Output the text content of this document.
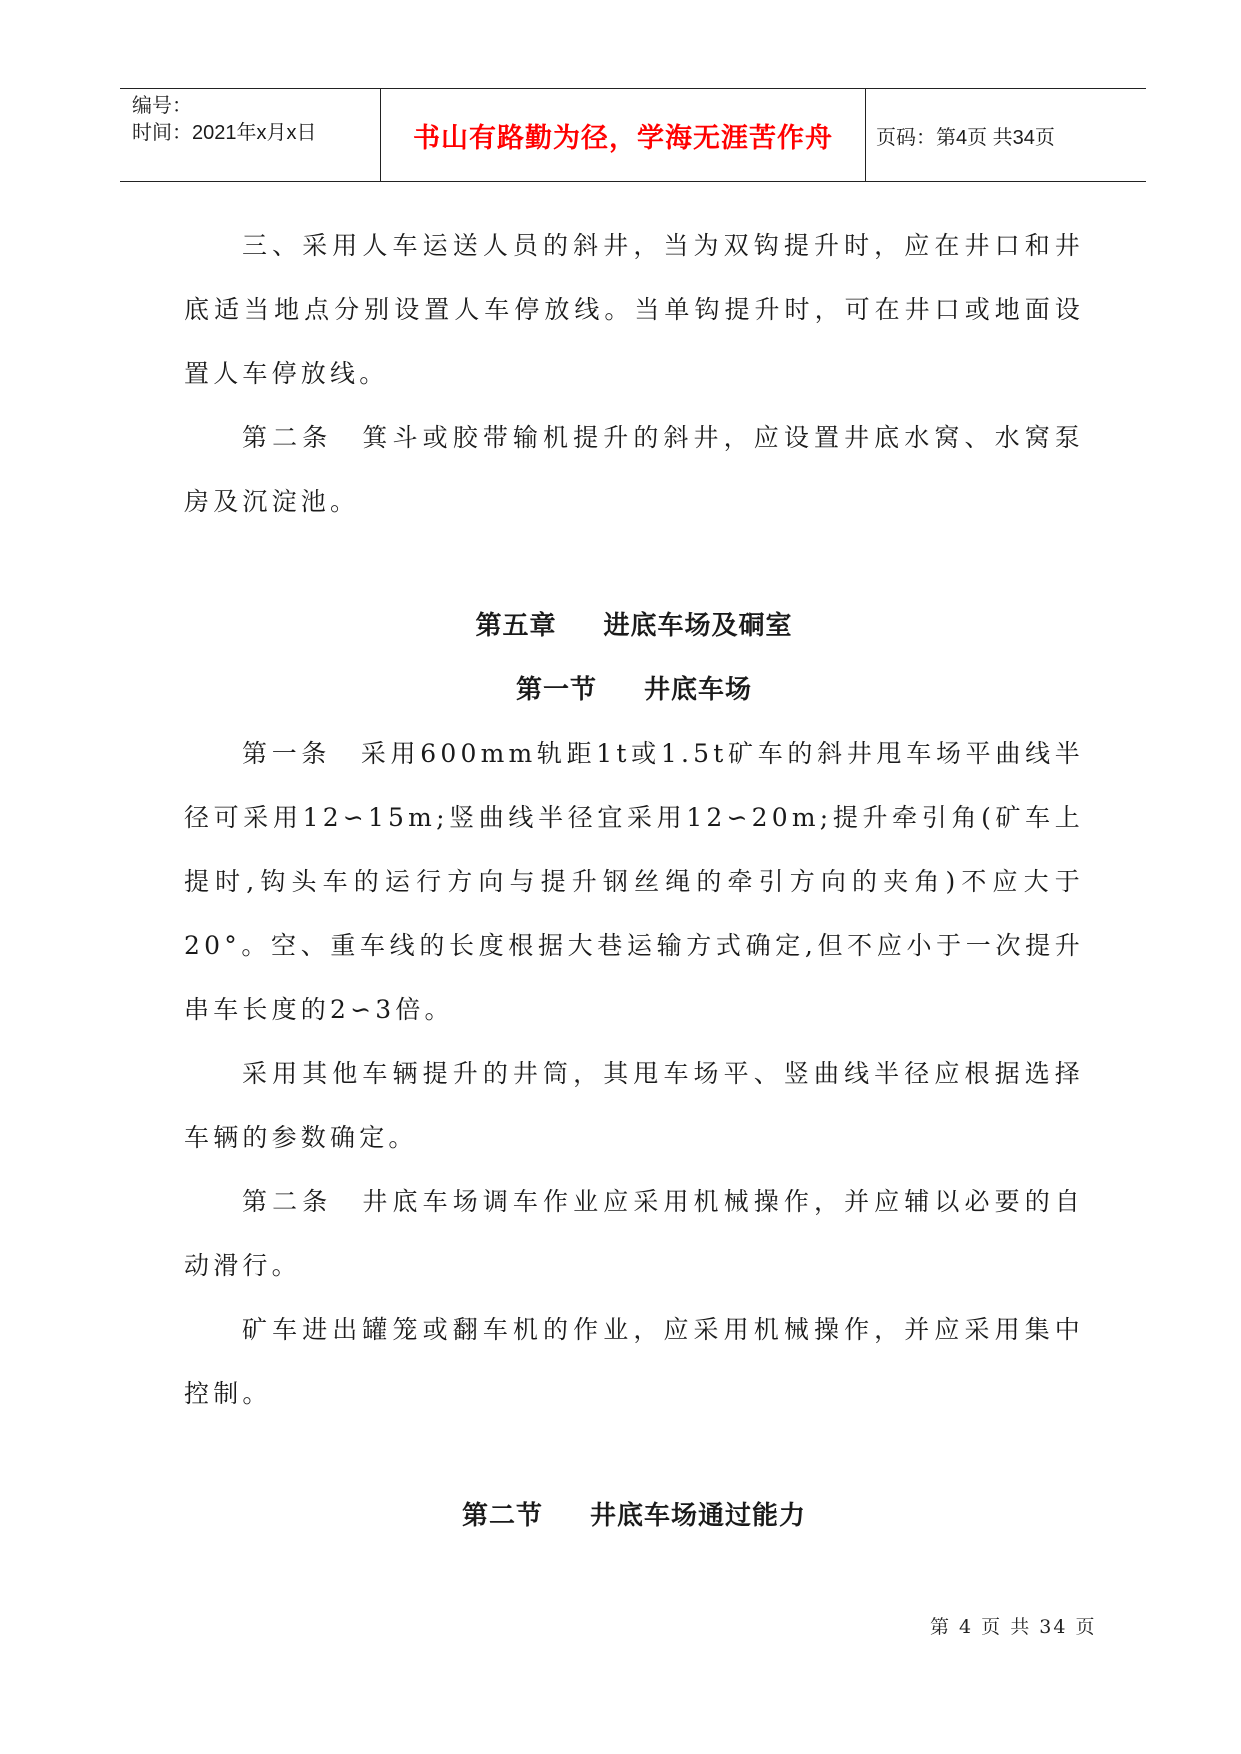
编号：
时间：2021年x月x日	书山有路勤为径，学海无涯苦作舟	页码：第4页 共34页

三、采用人车运送人员的斜井，当为双钩提升时，应在井口和井底适当地点分别设置人车停放线。当单钩提升时，可在井口或地面设置人车停放线。

第二条　箕斗或胶带输机提升的斜井，应设置井底水窝、水窝泵房及沉淀池。

第五章　  进底车场及硐室
第一节　  井底车场

第一条　采用600mm轨距1t或1.5t矿车的斜井甩车场平曲线半径可采用12∽15m;竖曲线半径宜采用12∽20m;提升牵引角(矿车上提时,钩头车的运行方向与提升钢丝绳的牵引方向的夹角)不应大于20°。空、重车线的长度根据大巷运输方式确定,但不应小于一次提升串车长度的2∽3倍。

采用其他车辆提升的井筒，其甩车场平、竖曲线半径应根据选择车辆的参数确定。

第二条　井底车场调车作业应采用机械操作，并应辅以必要的自动滑行。

矿车进出罐笼或翻车机的作业，应采用机械操作，并应采用集中控制。

第二节　  井底车场通过能力
第 4 页 共 34 页
